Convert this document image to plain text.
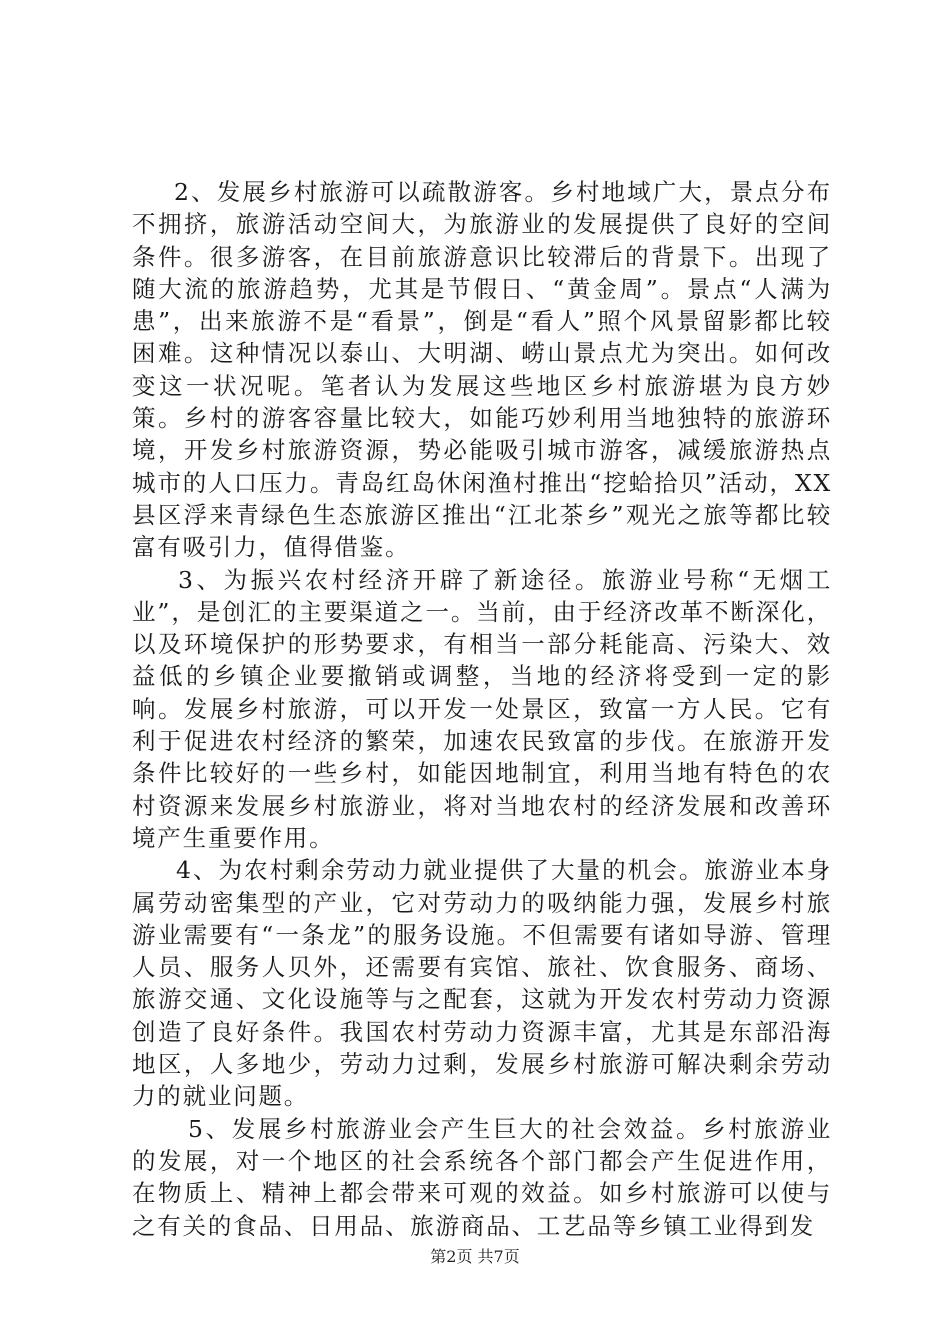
2、发展乡村旅游可以疏散游客。乡村地域广大，景点分布不拥挤，旅游活动空间大，为旅游业的发展提供了良好的空间条件。很多游客，在目前旅游意识比较滞后的背景下。出现了随大流的旅游趋势，尤其是节假日、“黄金周”。景点“人满为患”，出来旅游不是“看景”，倒是“看人”照个风景留影都比较困难。这种情况以泰山、大明湖、崂山景点尤为突出。如何改变这一状况呢。笔者认为发展这些地区乡村旅游堪为良方妙策。乡村的游客容量比较大，如能巧妙利用当地独特的旅游环境，开发乡村旅游资源，势必能吸引城市游客，减缓旅游热点城市的人口压力。青岛红岛休闲渔村推出“挖蛤拾贝”活动，XX县区浮来青绿色生态旅游区推出“江北茶乡”观光之旅等都比较富有吸引力，值得借鉴。

3、为振兴农村经济开辟了新途径。旅游业号称“无烟工业”，是创汇的主要渠道之一。当前，由于经济改革不断深化，以及环境保护的形势要求，有相当一部分耗能高、污染大、效益低的乡镇企业要撤销或调整，当地的经济将受到一定的影响。发展乡村旅游，可以开发一处景区，致富一方人民。它有利于促进农村经济的繁荣，加速农民致富的步伐。在旅游开发条件比较好的一些乡村，如能因地制宜，利用当地有特色的农村资源来发展乡村旅游业，将对当地农村的经济发展和改善环境产生重要作用。

4、为农村剩余劳动力就业提供了大量的机会。旅游业本身属劳动密集型的产业，它对劳动力的吸纳能力强，发展乡村旅游业需要有“一条龙”的服务设施。不但需要有诸如导游、管理人员、服务人贝外，还需要有宾馆、旅社、饮食服务、商场、旅游交通、文化设施等与之配套，这就为开发农村劳动力资源创造了良好条件。我国农村劳动力资源丰富，尤其是东部沿海地区，人多地少，劳动力过剩，发展乡村旅游可解决剩余劳动力的就业问题。

5、发展乡村旅游业会产生巨大的社会效益。乡村旅游业的发展，对一个地区的社会系统各个部门都会产生促进作用，在物质上、精神上都会带来可观的效益。如乡村旅游可以使与之有关的食品、日用品、旅游商品、工艺品等乡镇工业得到发

第2页 共7页
